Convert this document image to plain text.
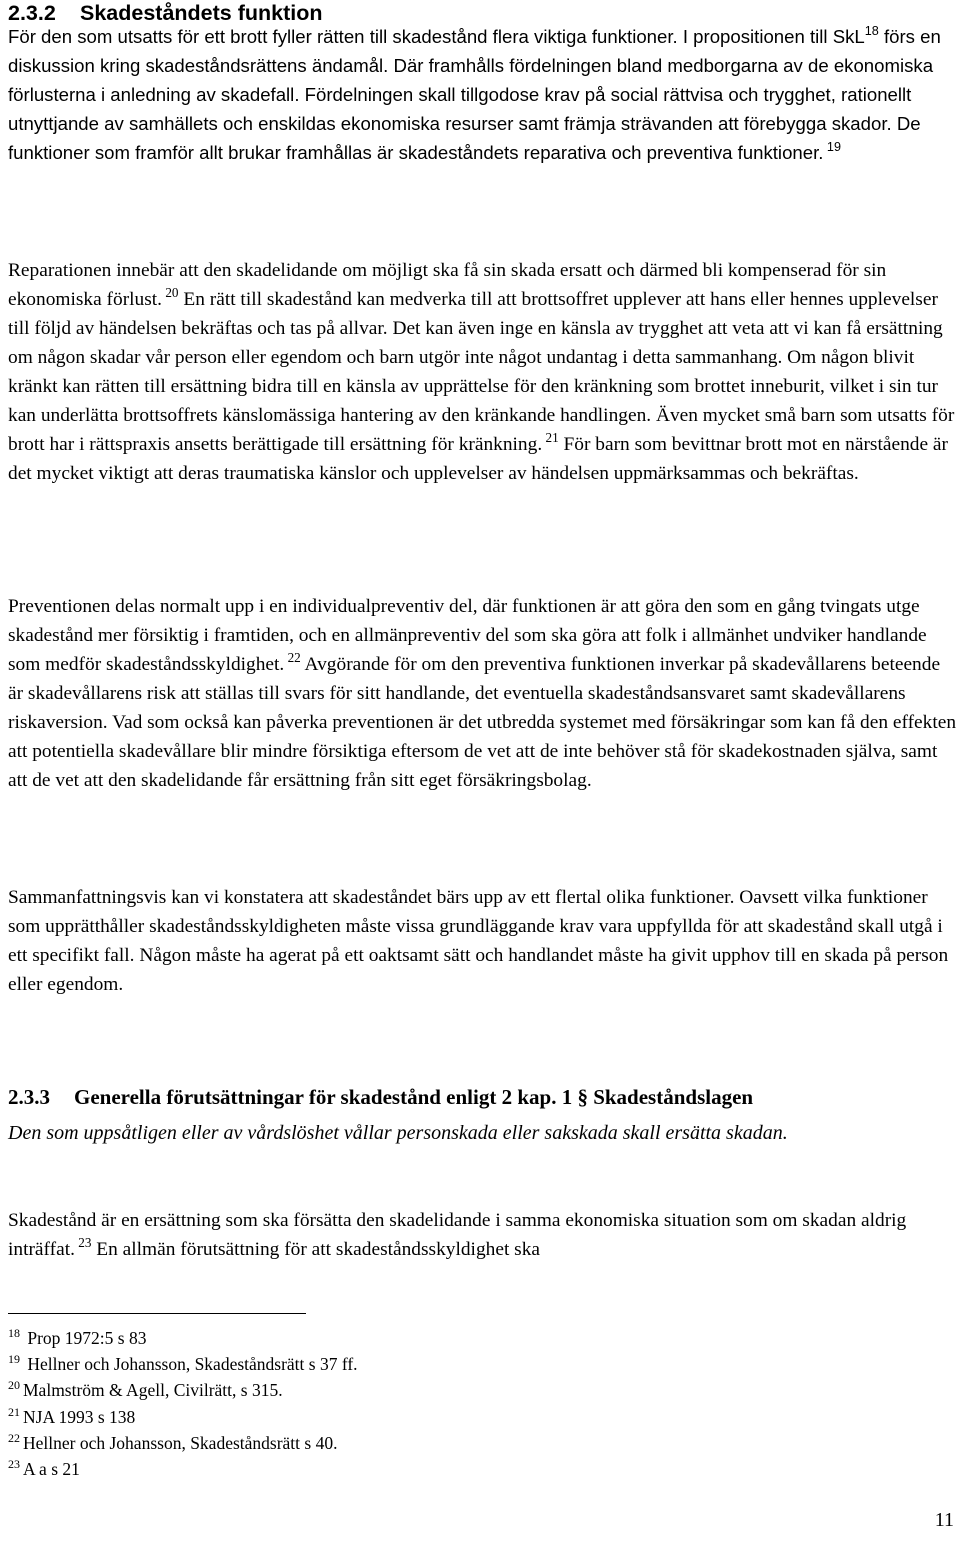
2.3.2 Skadeståndets funktion

För den som utsatts för ett brott fyller rätten till skadestånd flera viktiga funktioner. I propositionen till SkL$^{18}$ förs en diskussion kring skadeståndsrättens ändamål. Där framhålls fördelningen bland medborgarna av de ekonomiska förlusterna i anledning av skadefall. Fördelningen skall tillgodose krav på social rättvisa och trygghet, rationellt utnyttjande av samhällets och enskildas ekonomiska resurser samt främja strävanden att förebygga skador. De funktioner som framför allt brukar framhållas är skadeståndets reparativa och preventiva funktioner. $^{19}$

Reparationen innebär att den skadelidande om möjligt ska få sin skada ersatt och därmed bli kompenserad för sin ekonomiska förlust. $^{20}$ En rätt till skadestånd kan medverka till att brottsoffret upplever att hans eller hennes upplevelser till följd av händelsen bekräftas och tas på allvar. Det kan även inge en känsla av trygghet att veta att vi kan få ersättning om någon skadar vår person eller egendom och barn utgör inte något undantag i detta sammanhang. Om någon blivit kränkt kan rätten till ersättning bidra till en känsla av upprättelse för den kränkning som brottet inneburit, vilket i sin tur kan underlätta brottsoffrets känslomässiga hantering av den kränkande handlingen. Även mycket små barn som utsatts för brott har i rättspraxis ansetts berättigade till ersättning för kränkning. $^{21}$ För barn som bevittnar brott mot en närstående är det mycket viktigt att deras traumatiska känslor och upplevelser av händelsen uppmärksammas och bekräftas.

Preventionen delas normalt upp i en individualpreventiv del, där funktionen är att göra den som en gång tvingats utge skadestånd mer försiktig i framtiden, och en allmänpreventiv del som ska göra att folk i allmänhet undviker handlande som medför skadeståndsskyldighet. $^{22}$ Avgörande för om den preventiva funktionen inverkar på skadevållarens beteende är skadevållarens risk att ställas till svars för sitt handlande, det eventuella skadeståndsansvaret samt skadevållarens riskaversion. Vad som också kan påverka preventionen är det utbredda systemet med försäkringar som kan få den effekten att potentiella skadevållare blir mindre försiktiga eftersom de vet att de inte behöver stå för skadekostnaden själva, samt att de vet att den skadelidande får ersättning från sitt eget försäkringsbolag.

Sammanfattningsvis kan vi konstatera att skadeståndet bärs upp av ett flertal olika funktioner. Oavsett vilka funktioner som upprätthåller skadeståndsskyldigheten måste vissa grundläggande krav vara uppfyllda för att skadestånd skall utgå i ett specifikt fall. Någon måste ha agerat på ett oaktsamt sätt och handlandet måste ha givit upphov till en skada på person eller egendom.

2.3.3 Generella förutsättningar för skadestånd enligt 2 kap. 1 § Skadeståndslagen

Den som uppsåtligen eller av vårdslöshet vållar personskada eller sakskada skall ersätta skadan.

Skadestånd är en ersättning som ska försätta den skadelidande i samma ekonomiska situation som om skadan aldrig inträffat. $^{23}$ En allmän förutsättning för att skadeståndsskyldighet ska

$^{18}$ Prop 1972:5 s 83
$^{19}$ Hellner och Johansson, Skadeståndsrätt s 37 ff.
$^{20}$ Malmström & Agell, Civilrätt, s 315.
$^{21}$ NJA 1993 s 138
$^{22}$ Hellner och Johansson, Skadeståndsrätt s 40.
$^{23}$ A a s 21
11
